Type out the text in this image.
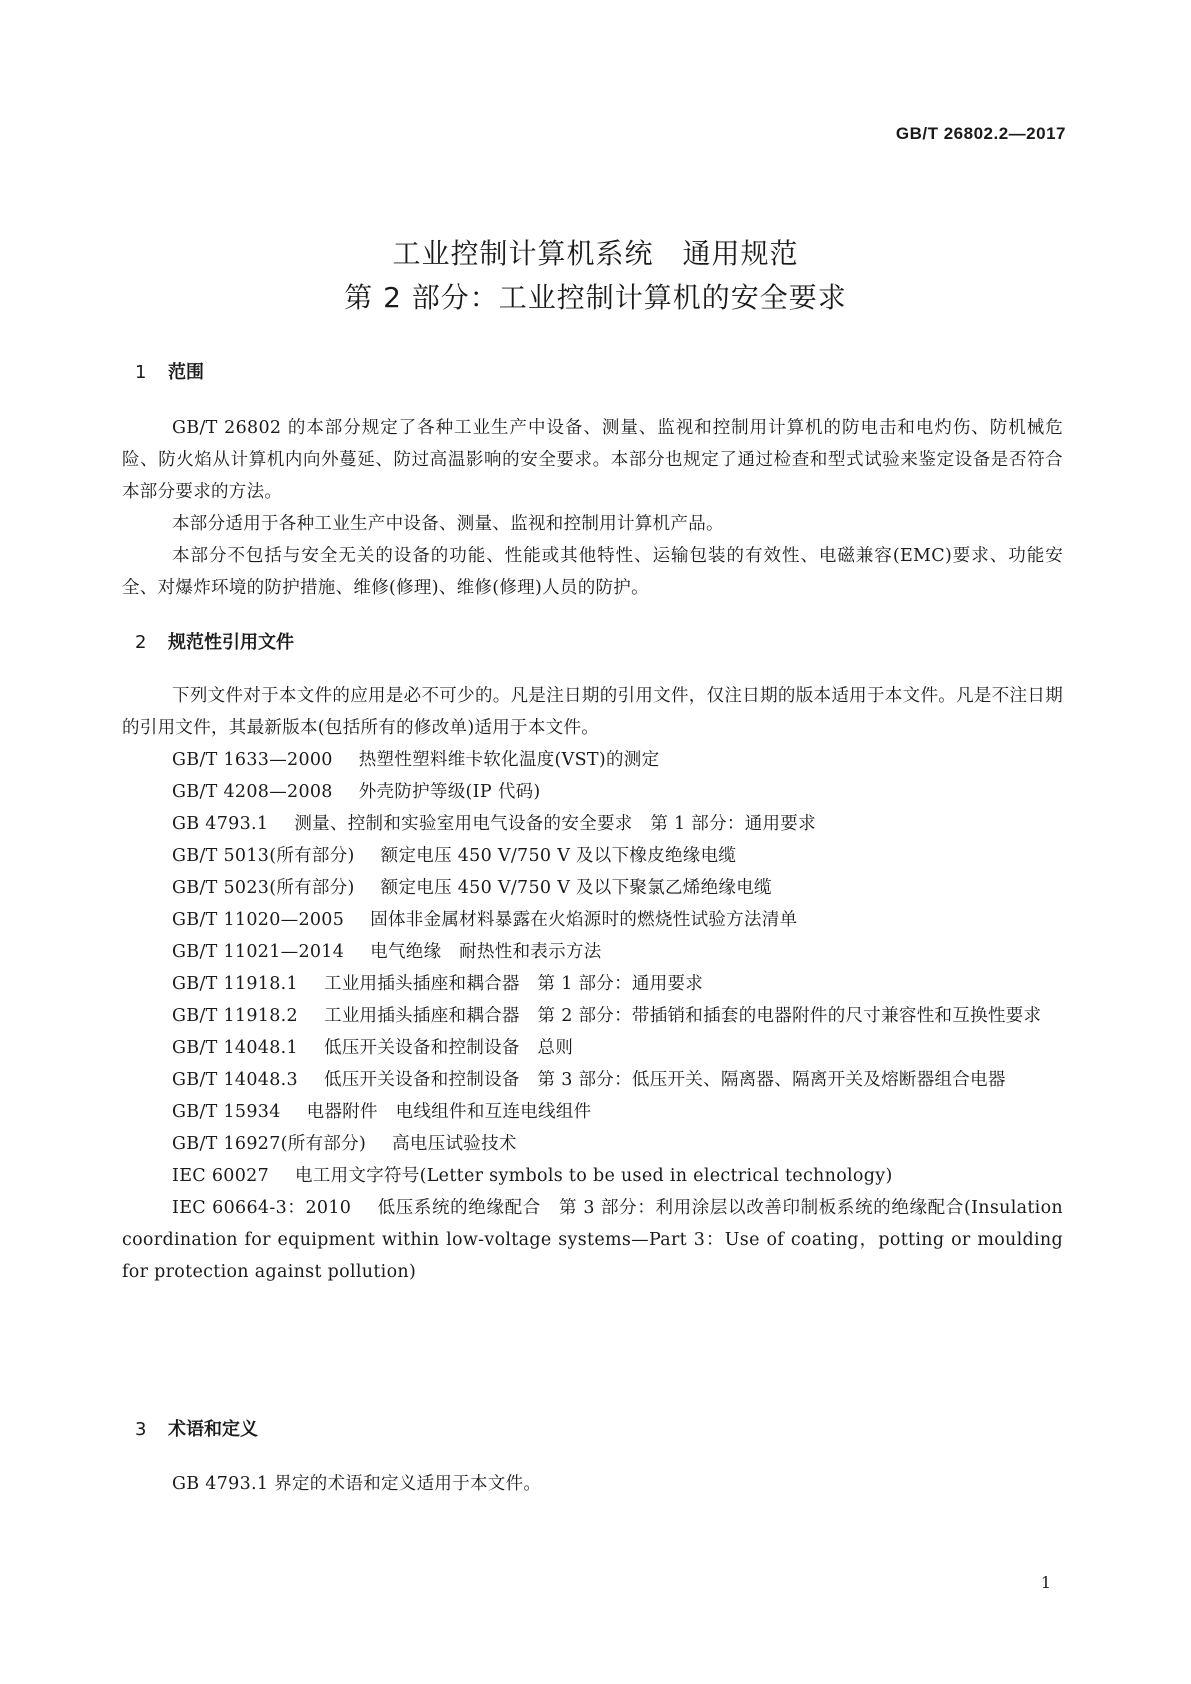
GB/T 26802.2—2017
工业控制计算机系统　通用规范
第 2 部分：工业控制计算机的安全要求
1 范围

GB/T 26802 的本部分规定了各种工业生产中设备、测量、监视和控制用计算机的防电击和电灼伤、防机械危险、防火焰从计算机内向外蔓延、防过高温影响的安全要求。本部分也规定了通过检查和型式试验来鉴定设备是否符合本部分要求的方法。

本部分适用于各种工业生产中设备、测量、监视和控制用计算机产品。

本部分不包括与安全无关的设备的功能、性能或其他特性、运输包装的有效性、电磁兼容(EMC)要求、功能安全、对爆炸环境的防护措施、维修(修理)、维修(修理)人员的防护。

2 规范性引用文件

下列文件对于本文件的应用是必不可少的。凡是注日期的引用文件，仅注日期的版本适用于本文件。凡是不注日期的引用文件，其最新版本(包括所有的修改单)适用于本文件。

GB/T 1633—2000 热塑性塑料维卡软化温度(VST)的测定

GB/T 4208—2008 外壳防护等级(IP 代码)

GB 4793.1 测量、控制和实验室用电气设备的安全要求　第 1 部分：通用要求

GB/T 5013(所有部分) 额定电压 450 V/750 V 及以下橡皮绝缘电缆

GB/T 5023(所有部分) 额定电压 450 V/750 V 及以下聚氯乙烯绝缘电缆

GB/T 11020—2005 固体非金属材料暴露在火焰源时的燃烧性试验方法清单

GB/T 11021—2014 电气绝缘　耐热性和表示方法

GB/T 11918.1 工业用插头插座和耦合器　第 1 部分：通用要求

GB/T 11918.2 工业用插头插座和耦合器　第 2 部分：带插销和插套的电器附件的尺寸兼容性和互换性要求

GB/T 14048.1 低压开关设备和控制设备　总则

GB/T 14048.3 低压开关设备和控制设备　第 3 部分：低压开关、隔离器、隔离开关及熔断器组合电器

GB/T 15934 电器附件　电线组件和互连电线组件

GB/T 16927(所有部分) 高电压试验技术

IEC 60027 电工用文字符号(Letter symbols to be used in electrical technology)

IEC 60664-3：2010 低压系统的绝缘配合　第 3 部分：利用涂层以改善印制板系统的绝缘配合(Insulation coordination for equipment within low-voltage systems—Part 3：Use of coating，potting or moulding for protection against pollution)

3 术语和定义

GB 4793.1 界定的术语和定义适用于本文件。

1
